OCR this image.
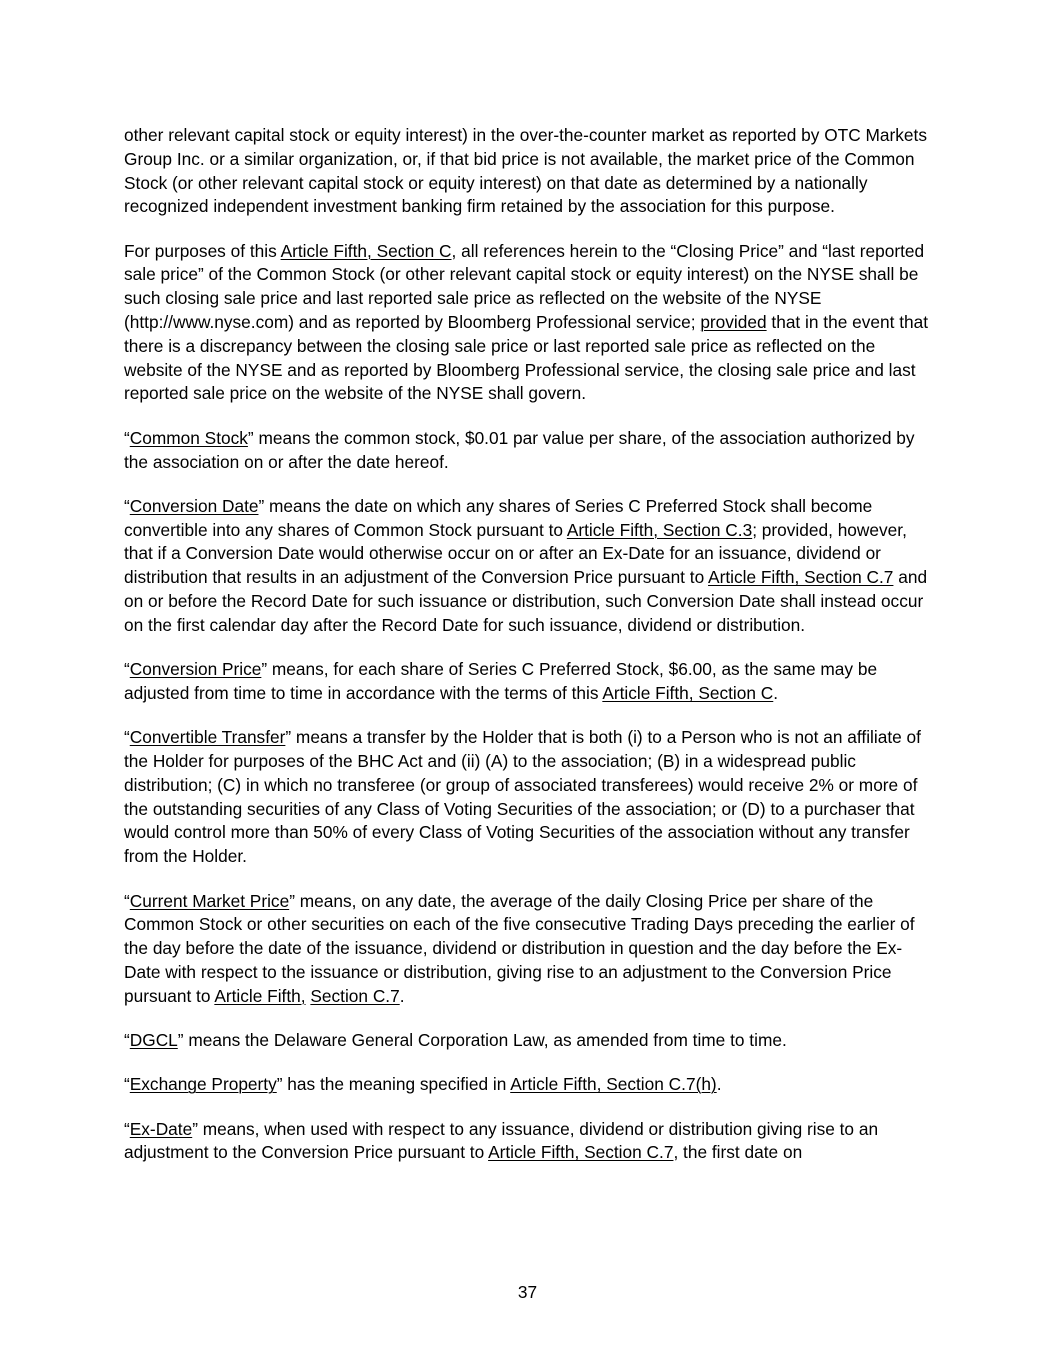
other relevant capital stock or equity interest) in the over-the-counter market as reported by OTC Markets Group Inc. or a similar organization, or, if that bid price is not available, the market price of the Common Stock (or other relevant capital stock or equity interest) on that date as determined by a nationally recognized independent investment banking firm retained by the association for this purpose.

For purposes of this Article Fifth, Section C, all references herein to the “Closing Price” and “last reported sale price” of the Common Stock (or other relevant capital stock or equity interest) on the NYSE shall be such closing sale price and last reported sale price as reflected on the website of the NYSE (http://www.nyse.com) and as reported by Bloomberg Professional service; provided that in the event that there is a discrepancy between the closing sale price or last reported sale price as reflected on the website of the NYSE and as reported by Bloomberg Professional service, the closing sale price and last reported sale price on the website of the NYSE shall govern.

“Common Stock” means the common stock, $0.01 par value per share, of the association authorized by the association on or after the date hereof.

“Conversion Date” means the date on which any shares of Series C Preferred Stock shall become convertible into any shares of Common Stock pursuant to Article Fifth, Section C.3; provided, however, that if a Conversion Date would otherwise occur on or after an Ex-Date for an issuance, dividend or distribution that results in an adjustment of the Conversion Price pursuant to Article Fifth, Section C.7 and on or before the Record Date for such issuance or distribution, such Conversion Date shall instead occur on the first calendar day after the Record Date for such issuance, dividend or distribution.

“Conversion Price” means, for each share of Series C Preferred Stock, $6.00, as the same may be adjusted from time to time in accordance with the terms of this Article Fifth, Section C.

“Convertible Transfer” means a transfer by the Holder that is both (i) to a Person who is not an affiliate of the Holder for purposes of the BHC Act and (ii) (A) to the association; (B) in a widespread public distribution; (C) in which no transferee (or group of associated transferees) would receive 2% or more of the outstanding securities of any Class of Voting Securities of the association; or (D) to a purchaser that would control more than 50% of every Class of Voting Securities of the association without any transfer from the Holder.

“Current Market Price” means, on any date, the average of the daily Closing Price per share of the Common Stock or other securities on each of the five consecutive Trading Days preceding the earlier of the day before the date of the issuance, dividend or distribution in question and the day before the Ex-Date with respect to the issuance or distribution, giving rise to an adjustment to the Conversion Price pursuant to Article Fifth, Section C.7.

“DGCL” means the Delaware General Corporation Law, as amended from time to time.

“Exchange Property” has the meaning specified in Article Fifth, Section C.7(h).

“Ex-Date” means, when used with respect to any issuance, dividend or distribution giving rise to an adjustment to the Conversion Price pursuant to Article Fifth, Section C.7, the first date on

37
